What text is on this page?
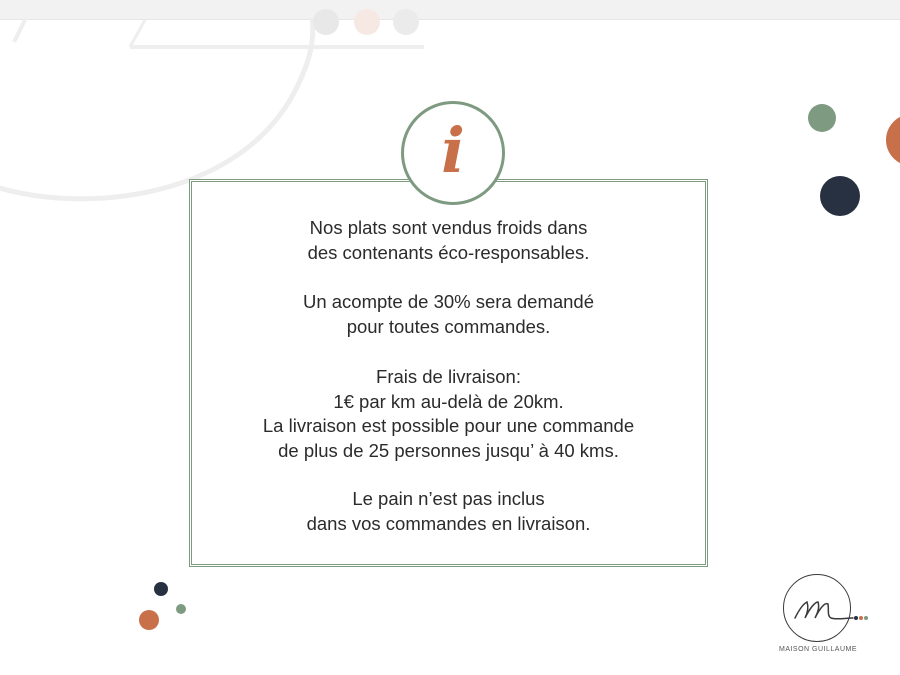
i
Nos plats sont vendus froids dans
des contenants éco-responsables.
Un acompte de 30% sera demandé
pour toutes commandes.
Frais de livraison:
1€ par km au-delà de 20km.
La livraison est possible pour une commande
de plus de 25 personnes jusqu’ à 40 kms.
Le pain n’est pas inclus
dans vos commandes en livraison.
MAISON GUILLAUME
